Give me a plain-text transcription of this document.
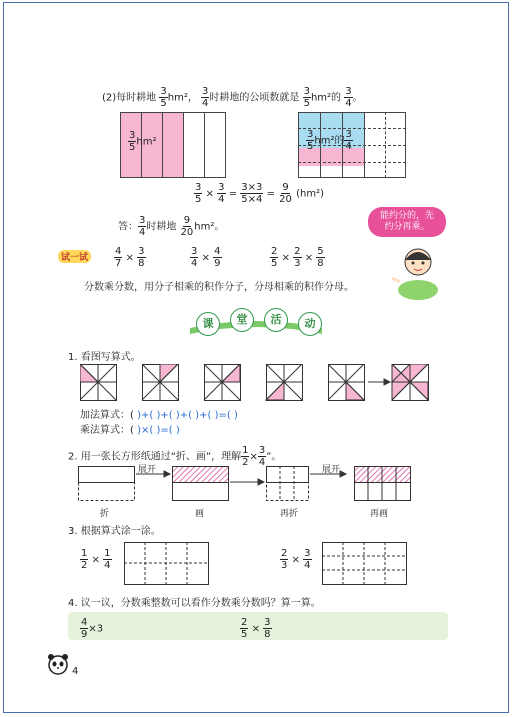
(2)每时耕地 $\frac{3}{5} hm^2$， $\frac{3}{4}$ 时耕地的公顷数就是 $\frac{3}{5} hm^2$的 $\frac{3}{4}$ 。
$\frac{3}{5} hm^2$	$\frac{3}{5} hm^2$的 $\frac{3}{4}$
$\frac{3}{5} \times \frac{3}{4} = \frac{3\times 3}{5\times 4} = \frac{9}{20} (hm^2)$
答： $\frac{3}{4}$ 时耕地 $\frac{9}{20} hm^2$。
能约分的，先
约分再乘。
试一试	$\frac{4}{7} \times \frac{3}{8}$	$\frac{3}{4} \times \frac{4}{9}$	$\frac{2}{5} \times \frac{2}{3} \times \frac{5}{8}$
分数乘分数，用分子相乘的积作分子，分母相乘的积作分母。
课	堂	活	动
1. 看图写算式。
加法算式：( )+( )+( )+( )+( )=( )
乘法算式：( )×( )=( )
2. 用一张长方形纸通过“折、画”，理解 $\frac{1}{2} \times \frac{3}{4}$ ”。
展开	展开
折	画	再折	再画
3. 根据算式涂一涂。
$\frac{1}{2} \times \frac{1}{4}$	$\frac{2}{3} \times \frac{3}{4}$
4. 议一议，分数乘整数可以看作分数乘分数吗？算一算。
$\frac{4}{9} \times 3$	$\frac{2}{5} \times \frac{3}{8}$
4
